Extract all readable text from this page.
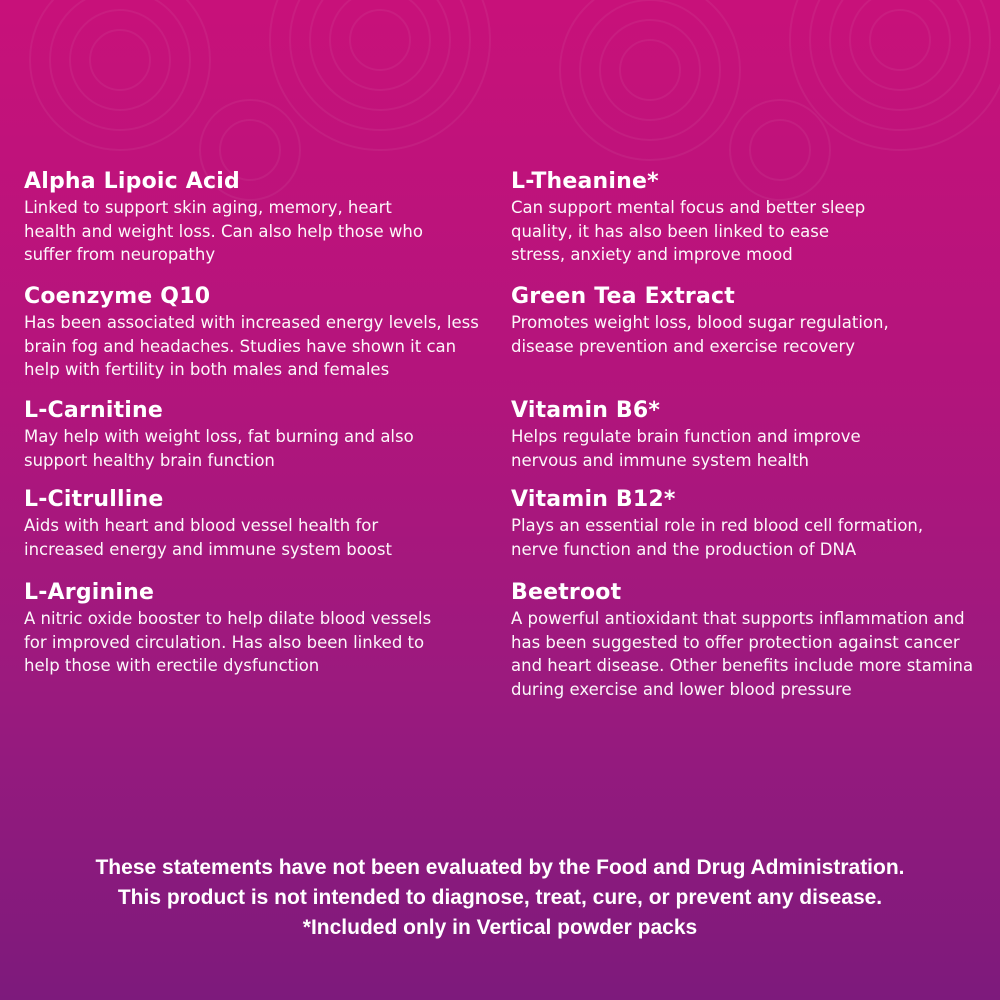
Alpha Lipoic Acid

Linked to support skin aging, memory, heart health and weight loss. Can also help those who suffer from neuropathy

Coenzyme Q10

Has been associated with increased energy levels, less brain fog and headaches. Studies have shown it can help with fertility in both males and females

L-Carnitine

May help with weight loss, fat burning and also support healthy brain function

L-Citrulline

Aids with heart and blood vessel health for increased energy and immune system boost

L-Arginine

A nitric oxide booster to help dilate blood vessels for improved circulation. Has also been linked to help those with erectile dysfunction

L-Theanine*

Can support mental focus and better sleep quality, it has also been linked to ease stress, anxiety and improve mood

Green Tea Extract

Promotes weight loss, blood sugar regulation, disease prevention and exercise recovery

Vitamin B6*

Helps regulate brain function and improve nervous and immune system health

Vitamin B12*

Plays an essential role in red blood cell formation, nerve function and the production of DNA

Beetroot

A powerful antioxidant that supports inflammation and has been suggested to offer protection against cancer and heart disease. Other benefits include more stamina during exercise and lower blood pressure

These statements have not been evaluated by the Food and Drug Administration.
This product is not intended to diagnose, treat, cure, or prevent any disease.
*Included only in Vertical powder packs
